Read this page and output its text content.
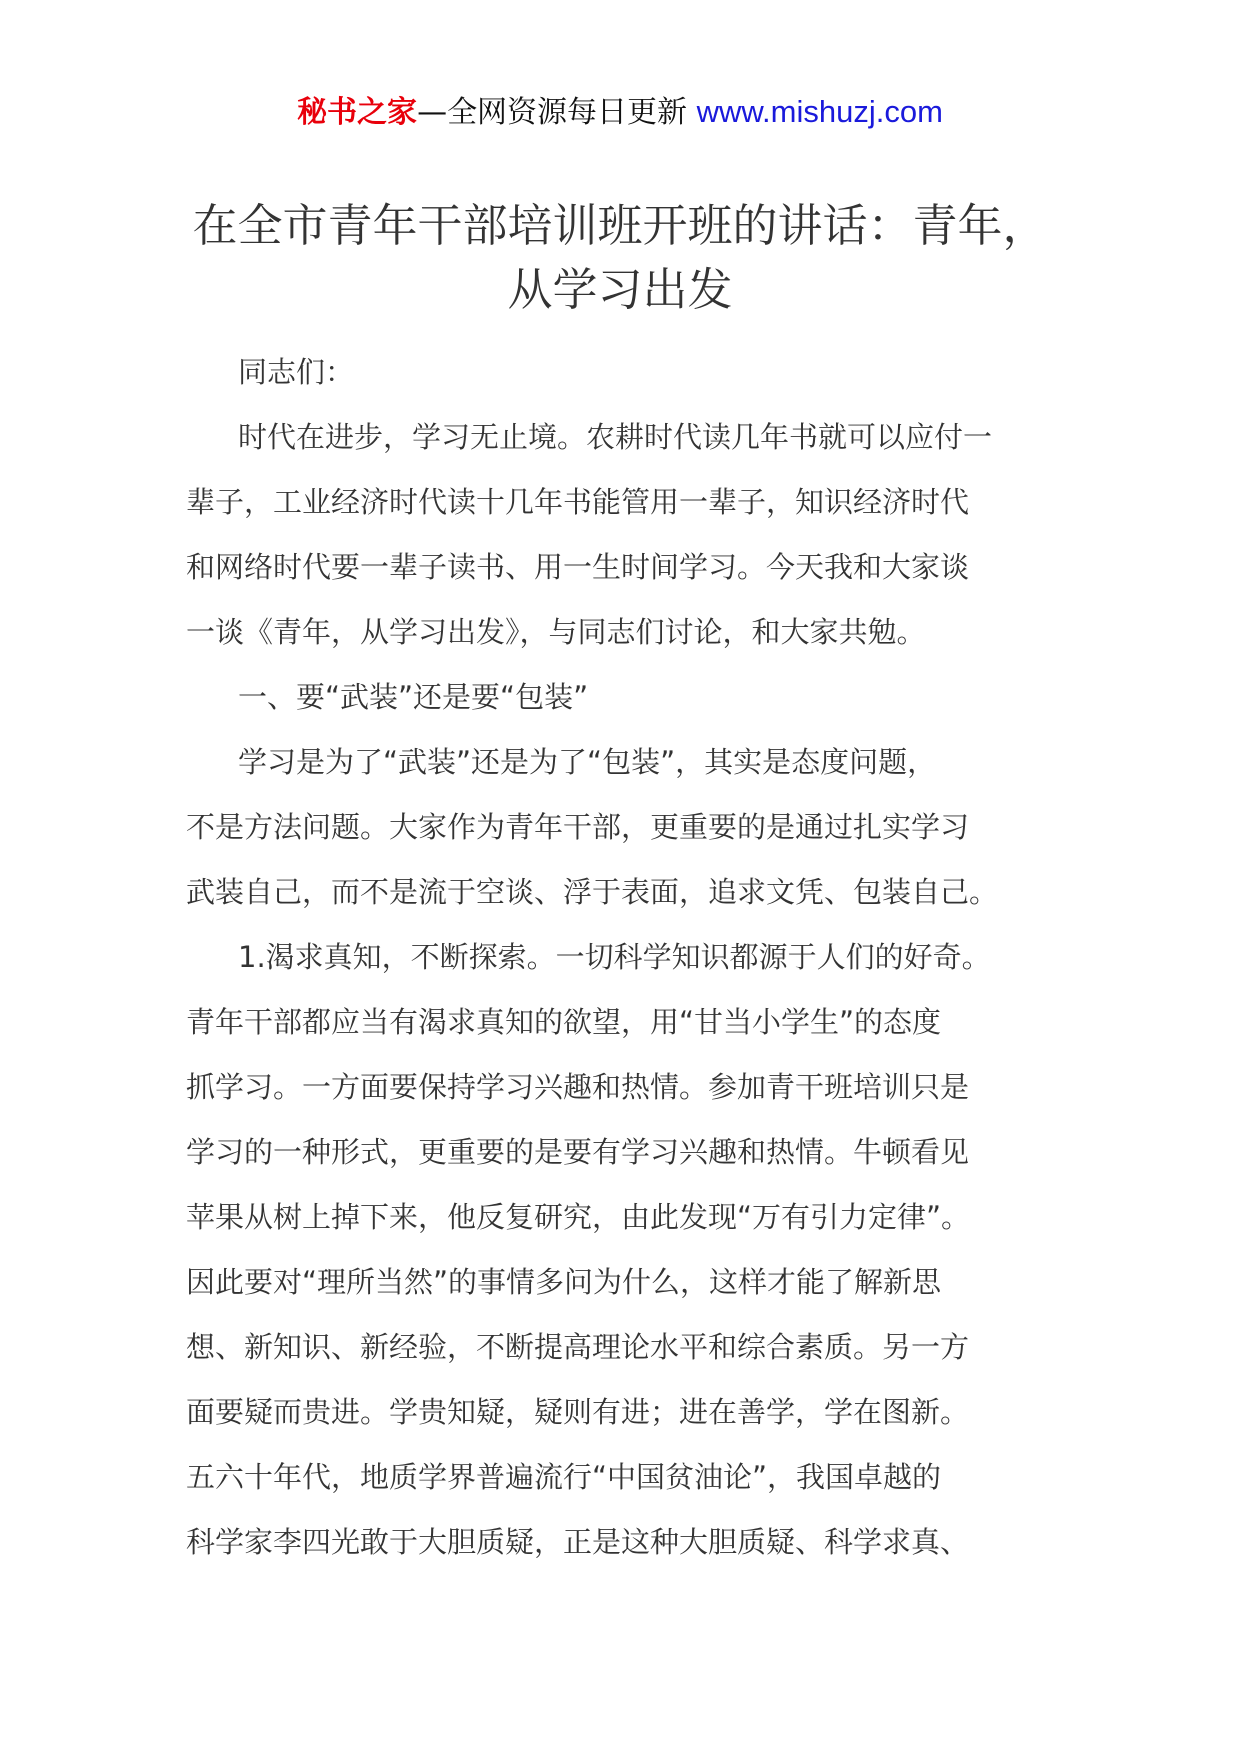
秘书之家—全网资源每日更新 www.mishuzj.com
在全市青年干部培训班开班的讲话：青年，
从学习出发
同志们：
时代在进步，学习无止境。农耕时代读几年书就可以应付一
辈子，工业经济时代读十几年书能管用一辈子，知识经济时代
和网络时代要一辈子读书、用一生时间学习。今天我和大家谈
一谈《青年，从学习出发》，与同志们讨论，和大家共勉。
一、要“武装”还是要“包装”
学习是为了“武装”还是为了“包装”，其实是态度问题，
不是方法问题。大家作为青年干部，更重要的是通过扎实学习
武装自己，而不是流于空谈、浮于表面，追求文凭、包装自己。
1.渴求真知，不断探索。一切科学知识都源于人们的好奇。
青年干部都应当有渴求真知的欲望，用“甘当小学生”的态度
抓学习。一方面要保持学习兴趣和热情。参加青干班培训只是
学习的一种形式，更重要的是要有学习兴趣和热情。牛顿看见
苹果从树上掉下来，他反复研究，由此发现“万有引力定律”。
因此要对“理所当然”的事情多问为什么，这样才能了解新思
想、新知识、新经验，不断提高理论水平和综合素质。另一方
面要疑而贵进。学贵知疑，疑则有进；进在善学，学在图新。
五六十年代，地质学界普遍流行“中国贫油论”，我国卓越的
科学家李四光敢于大胆质疑，正是这种大胆质疑、科学求真、
